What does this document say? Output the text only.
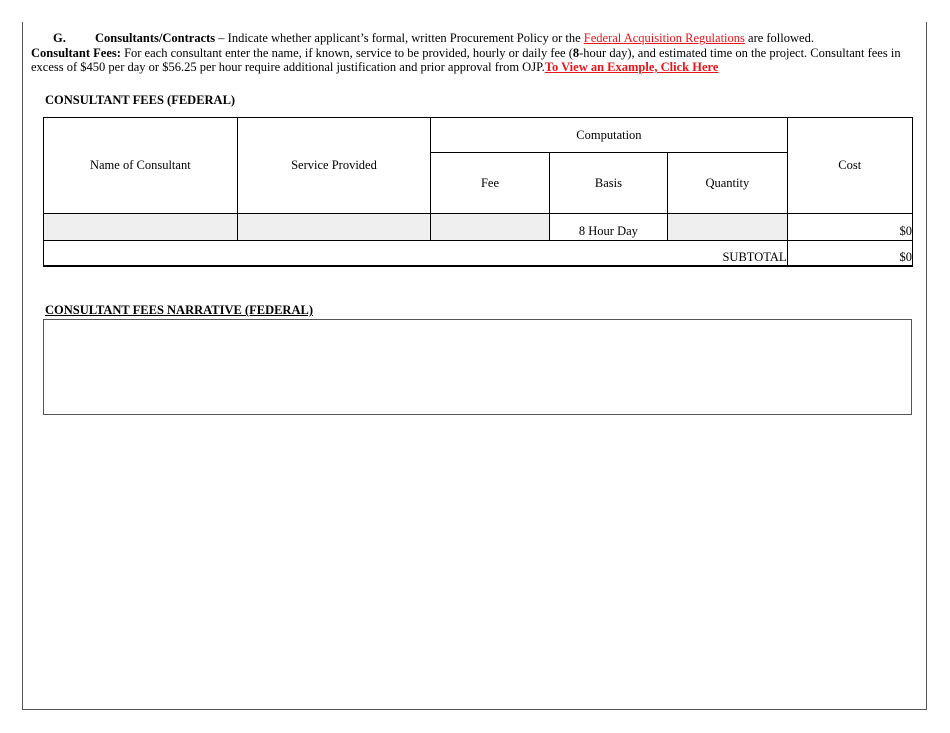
G. Consultants/Contracts – Indicate whether applicant’s formal, written Procurement Policy or the Federal Acquisition Regulations are followed.
Consultant Fees: For each consultant enter the name, if known, service to be provided, hourly or daily fee (8-hour day), and estimated time on the project. Consultant fees in excess of $450 per day or $56.25 per hour require additional justification and prior approval from OJP.To View an Example, Click Here
CONSULTANT FEES (FEDERAL)
Name of Consultant	Service Provided	Computation			Cost
		Fee	Basis	Quantity	
			8 Hour Day		$0
SUBTOTAL					$0
CONSULTANT FEES NARRATIVE (FEDERAL)
